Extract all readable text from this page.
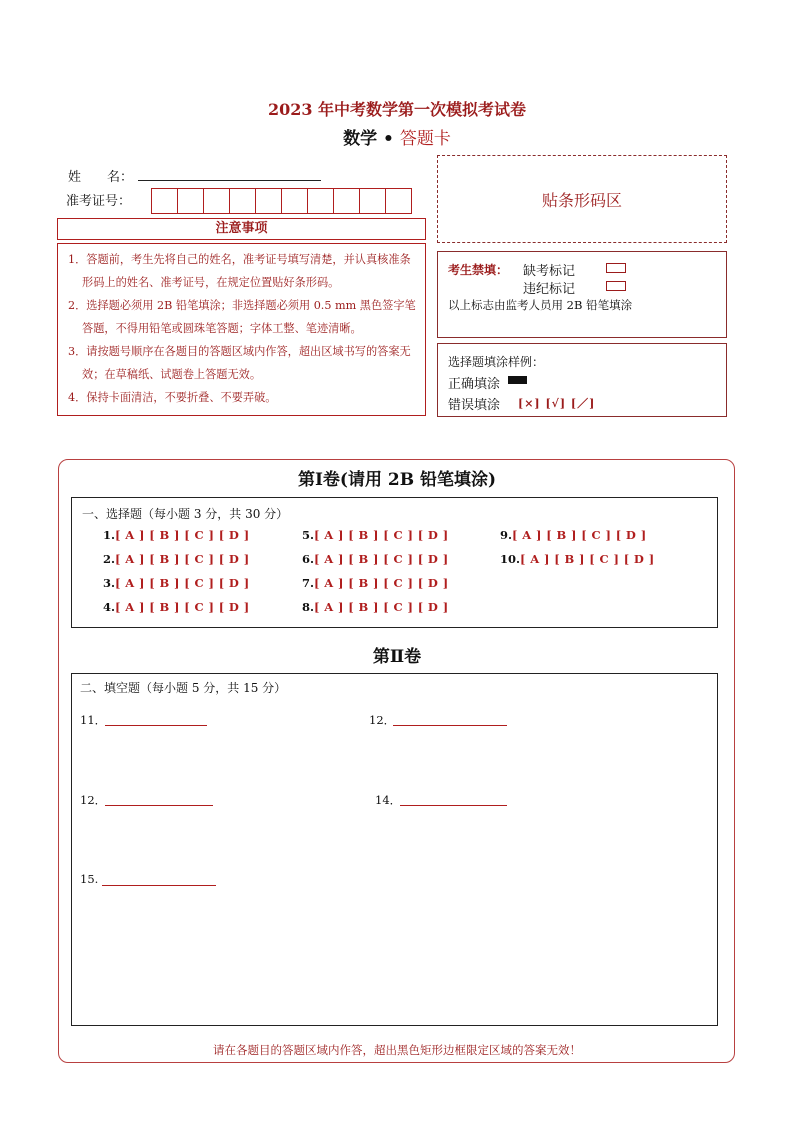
2023 年中考数学第一次模拟考试卷
数学 • 答题卡
姓　　名：
准考证号：	贴条形码区
注意事项

1．答题前，考生先将自己的姓名，准考证号填写清楚，并认真核准条形码上的姓名、准考证号，在规定位置贴好条形码。

2．选择题必须用 2B 铅笔填涂；非选择题必须用 0.5 mm 黑色签字笔答题，不得用铅笔或圆珠笔答题；字体工整、笔迹清晰。

3．请按题号顺序在各题目的答题区域内作答，超出区域书写的答案无效；在草稿纸、试题卷上答题无效。

4．保持卡面清洁，不要折叠、不要弄破。

考生禁填： 缺考标记
违纪标记
以上标志由监考人员用 2B 铅笔填涂
选择题填涂样例：
正确填涂
错误填涂 [×] [√] [／]
第Ⅰ卷(请用 2B 铅笔填涂)
一、选择题（每小题 3 分，共 30 分）
1.[ A ] [ B ] [ C ] [ D ]
2.[ A ] [ B ] [ C ] [ D ]
3.[ A ] [ B ] [ C ] [ D ]
4.[ A ] [ B ] [ C ] [ D ]
5.[ A ] [ B ] [ C ] [ D ]
6.[ A ] [ B ] [ C ] [ D ]
7.[ A ] [ B ] [ C ] [ D ]
8.[ A ] [ B ] [ C ] [ D ]
9.[ A ] [ B ] [ C ] [ D ]
10.[ A ] [ B ] [ C ] [ D ]
第Ⅱ卷
二、填空题（每小题 5 分，共 15 分）
11．	12．
12．	14．
15.
请在各题目的答题区域内作答，超出黑色矩形边框限定区域的答案无效！
